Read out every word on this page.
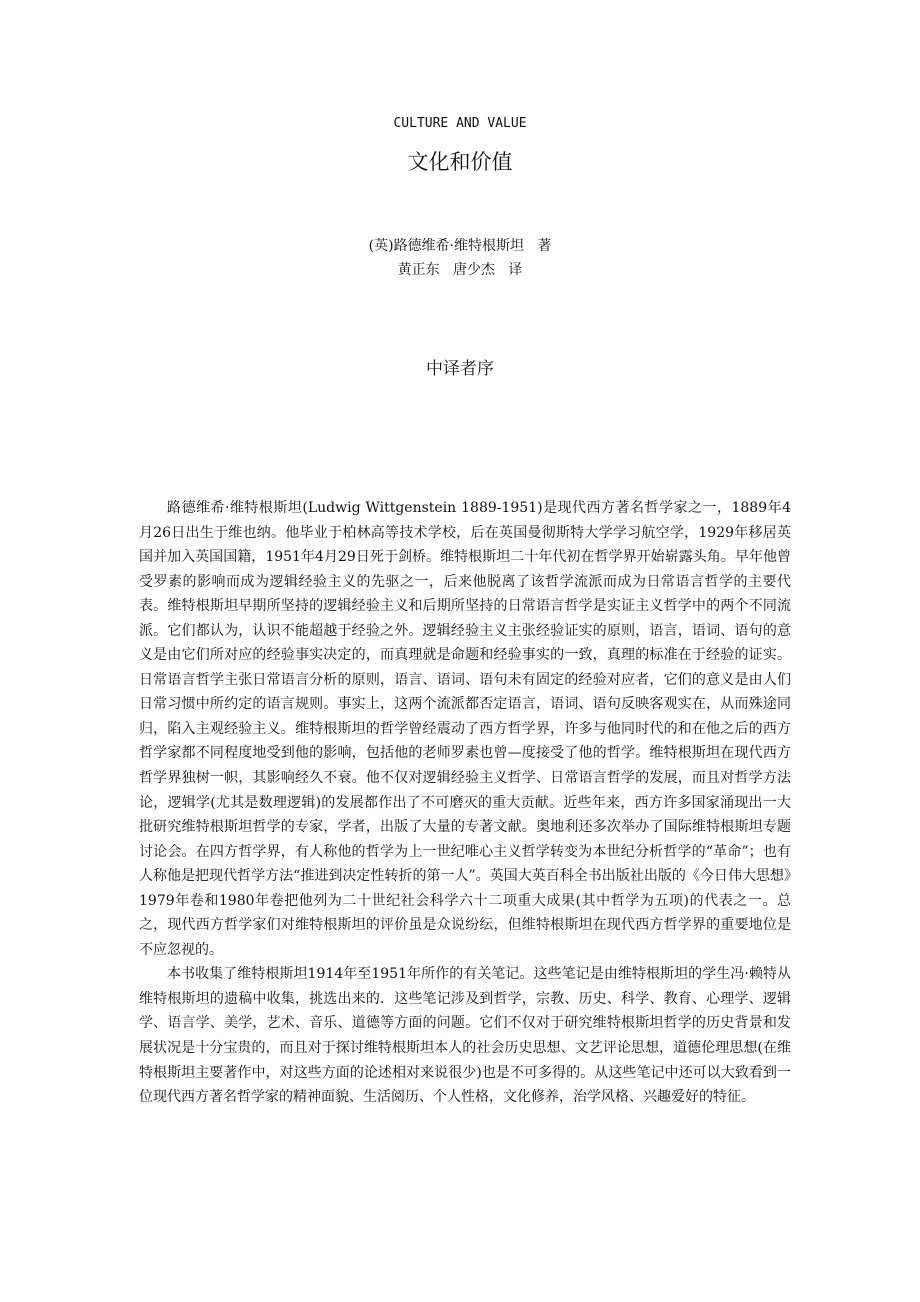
CULTURE AND VALUE
文化和价值
(英)路德维希·维特根斯坦   著
黄正东   唐少杰   译
中译者序

路德维希·维特根斯坦(Ludwig Wittgenstein 1889-1951)是现代西方著名哲学家之一，1889年4月26日出生于维也纳。他毕业于柏林高等技术学校，后在英国曼彻斯特大学学习航空学，1929年移居英国并加入英国国籍，1951年4月29日死于剑桥。维特根斯坦二十年代初在哲学界开始崭露头角。早年他曾受罗素的影响而成为逻辑经验主义的先驱之一，后来他脱离了该哲学流派而成为日常语言哲学的主要代表。维特根斯坦早期所坚持的逻辑经验主义和后期所坚持的日常语言哲学是实证主义哲学中的两个不同流派。它们都认为，认识不能超越于经验之外。逻辑经验主义主张经验证实的原则，语言，语词、语句的意义是由它们所对应的经验事实决定的，而真理就是命题和经验事实的一致，真理的标准在于经验的证实。日常语言哲学主张日常语言分析的原则，语言、语词、语句未有固定的经验对应者，它们的意义是由人们日常习惯中所约定的语言规则。事实上，这两个流派都否定语言，语词、语句反映客观实在，从而殊途同归，陷入主观经验主义。维特根斯坦的哲学曾经震动了西方哲学界，许多与他同时代的和在他之后的西方哲学家都不同程度地受到他的影响，包括他的老师罗素也曾—度接受了他的哲学。维特根斯坦在现代西方哲学界独树一帜，其影响经久不衰。他不仅对逻辑经验主义哲学、日常语言哲学的发展，而且对哲学方法论，逻辑学(尤其是数理逻辑)的发展都作出了不可磨灭的重大贡献。近些年来，西方许多国家涌现出一大批研究维特根斯坦哲学的专家，学者，出版了大量的专著文献。奥地利还多次举办了国际维特根斯坦专题讨论会。在四方哲学界，有人称他的哲学为上一世纪唯心主义哲学转变为本世纪分析哲学的“革命”；也有人称他是把现代哲学方法“推进到决定性转折的第一人”。英国大英百科全书出版社出版的《今日伟大思想》1979年卷和1980年卷把他列为二十世纪社会科学六十二项重大成果(其中哲学为五项)的代表之一。总之，现代西方哲学家们对维特根斯坦的评价虽是众说纷纭，但维特根斯坦在现代西方哲学界的重要地位是不应忽视的。

本书收集了维特根斯坦1914年至1951年所作的有关笔记。这些笔记是由维特根斯坦的学生冯·赖特从维特根斯坦的遗稿中收集，挑选出来的．这些笔记涉及到哲学，宗教、历史、科学、教育、心理学、逻辑学、语言学、美学，艺术、音乐、道德等方面的问题。它们不仅对于研究维特根斯坦哲学的历史背景和发展状况是十分宝贵的，而且对于探讨维特根斯坦本人的社会历史思想、文艺评论思想，道德伦理思想(在维特根斯坦主要著作中，对这些方面的论述相对来说很少)也是不可多得的。从这些笔记中还可以大致看到一位现代西方著名哲学家的精神面貌、生活阅历、个人性格，文化修养，治学风格、兴趣爱好的特征。
